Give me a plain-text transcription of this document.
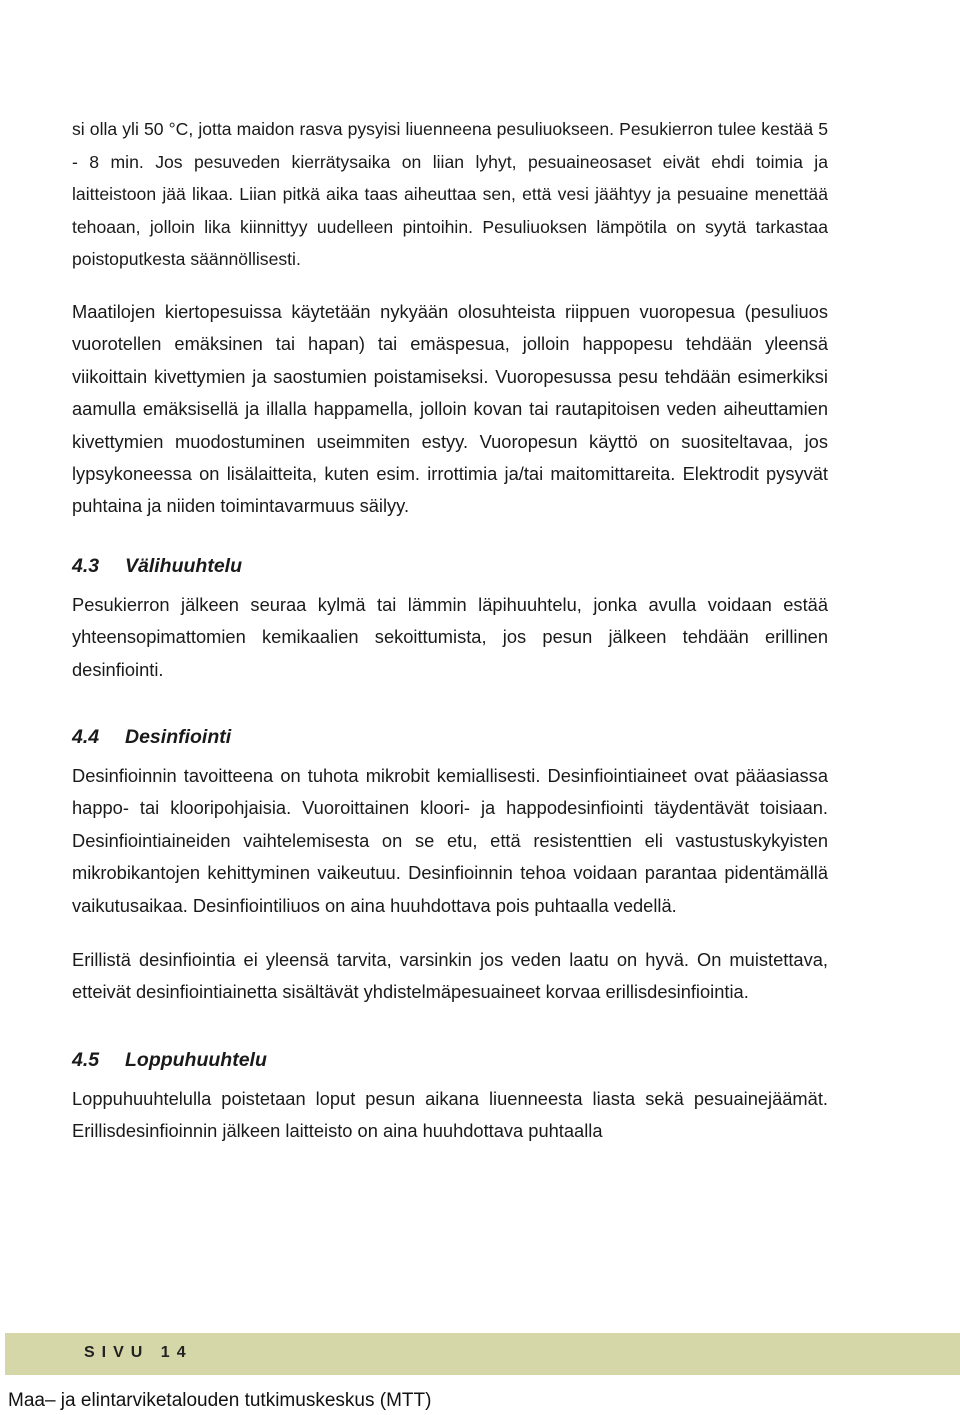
si olla yli 50 °C, jotta maidon rasva pysyisi liuenneena pesuliuokseen. Pesukierron tulee kestää 5 - 8 min. Jos pesuveden kierrätysaika on liian lyhyt, pesuaineosaset eivät ehdi toimia ja laitteistoon jää likaa. Liian pitkä aika taas aiheuttaa sen, että vesi jäähtyy ja pesuaine menettää tehoaan, jolloin lika kiinnittyy uudelleen pintoihin. Pesuliuoksen lämpötila on syytä tarkastaa poistoputkesta säännöllisesti.

Maatilojen kiertopesuissa käytetään nykyään olosuhteista riippuen vuoropesua (pesuliuos vuorotellen emäksinen tai hapan) tai emäspesua, jolloin happopesu tehdään yleensä viikoittain kivettymien ja saostumien poistamiseksi. Vuoropesussa pesu tehdään esimerkiksi aamulla emäksisellä ja illalla happamella, jolloin kovan tai rautapitoisen veden aiheuttamien kivettymien muodostuminen useimmiten estyy. Vuoropesun käyttö on suositeltavaa, jos lypsykoneessa on lisälaitteita, kuten esim. irrottimia ja/tai maitomittareita. Elektrodit pysyvät puhtaina ja niiden toimintavarmuus säilyy.

4.3 Välihuuhtelu

Pesukierron jälkeen seuraa kylmä tai lämmin läpihuuhtelu, jonka avulla voidaan estää yhteensopimattomien kemikaalien sekoittumista, jos pesun jälkeen tehdään erillinen desinfiointi.

4.4 Desinfiointi

Desinfioinnin tavoitteena on tuhota mikrobit kemiallisesti. Desinfiointiaineet ovat pääasiassa happo- tai klooripohjaisia. Vuoroittainen kloori- ja happodesinfiointi täydentävät toisiaan. Desinfiointiaineiden vaihtelemisesta on se etu, että resistenttien eli vastustuskykyisten mikrobikantojen kehittyminen vaikeutuu. Desinfioinnin tehoa voidaan parantaa pidentämällä vaikutusaikaa. Desinfiointiliuos on aina huuhdottava pois puhtaalla vedellä.

Erillistä desinfiointia ei yleensä tarvita, varsinkin jos veden laatu on hyvä. On muistettava, etteivät desinfiointiainetta sisältävät yhdistelmäpesuaineet korvaa erillisdesinfiointia.

4.5 Loppuhuuhtelu

Loppuhuuhtelulla poistetaan loput pesun aikana liuenneesta liasta sekä pesuainejäämät. Erillisdesinfioinnin jälkeen laitteisto on aina huuhdottava puhtaalla

SIVU 14
Maa– ja elintarviketalouden tutkimuskeskus (MTT)
